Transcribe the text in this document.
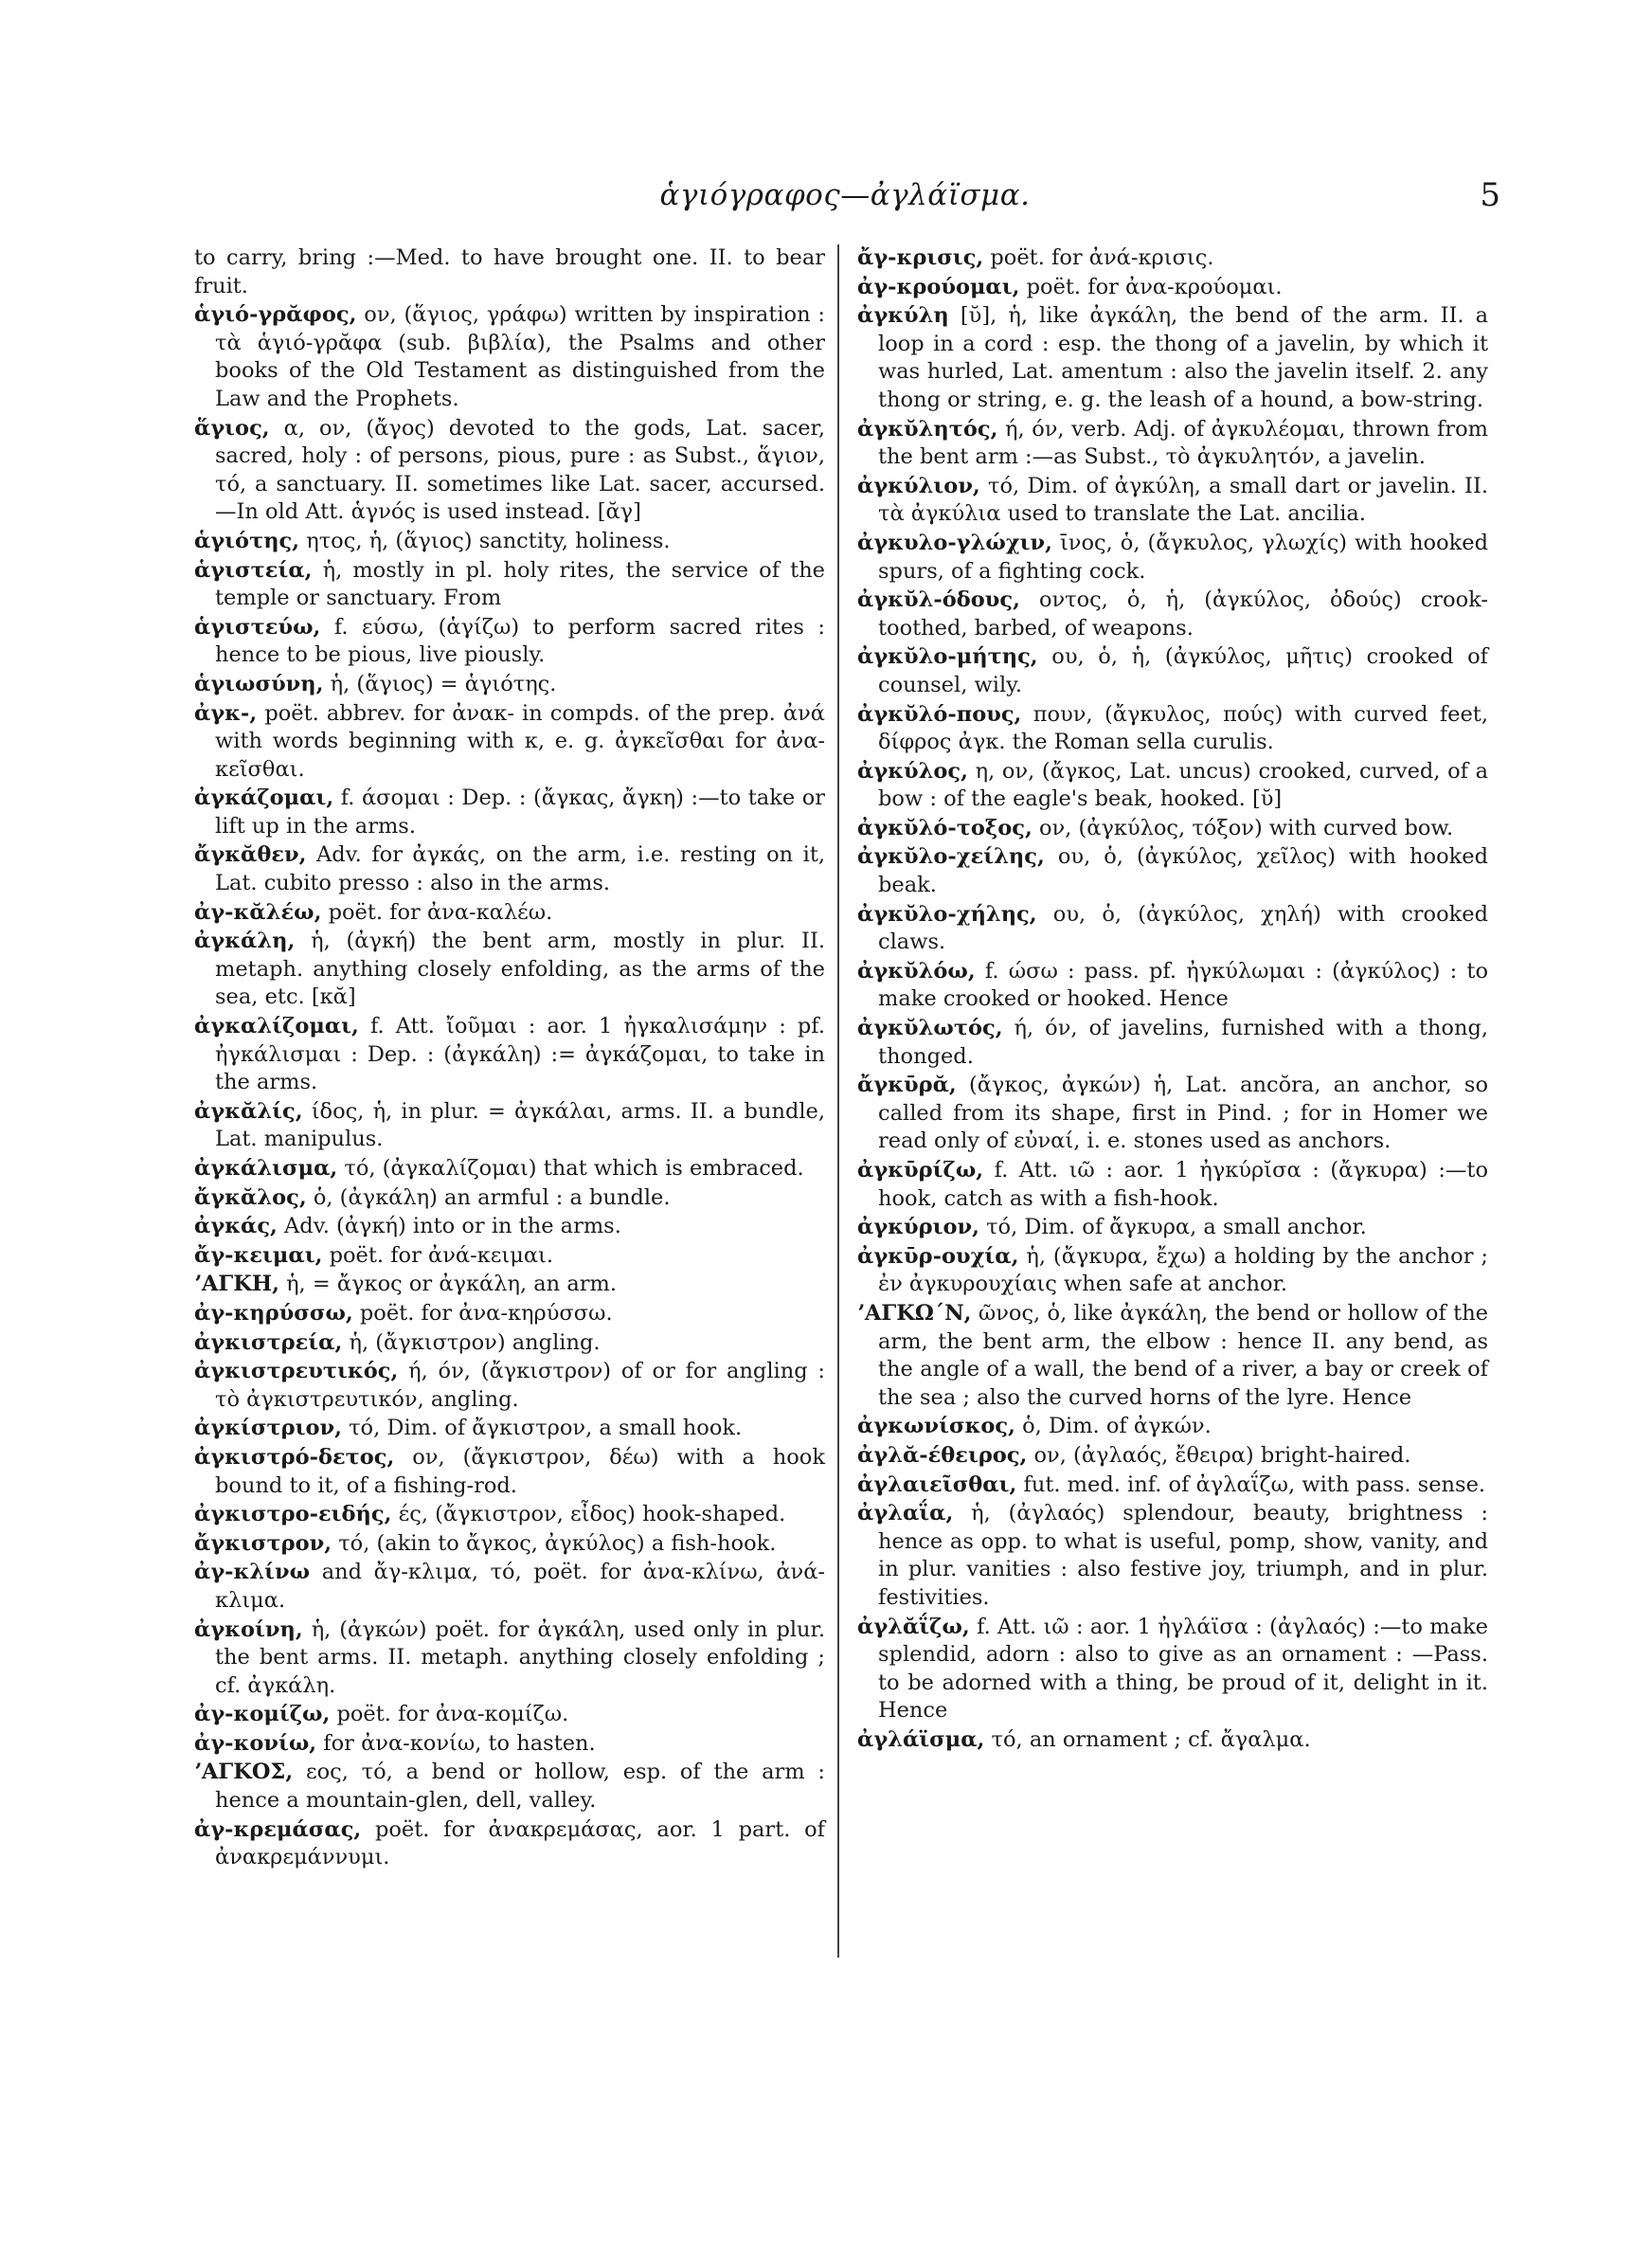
ἁγιόγραφος—ἀγλάϊσμα.	5
to carry, bring :—Med. to have brought one. II. to bear fruit.
ἁγιό-γρᾰφος, ον, (ἅγιος, γράφω) written by inspiration : τὰ ἁγιό-γρᾰφα (sub. βιβλία), the Psalms and other books of the Old Testament as distinguished from the Law and the Prophets.
ἅγιος, α, ον, (ἄγος) devoted to the gods, Lat. sacer, sacred, holy : of persons, pious, pure : as Subst., ἅγιον, τό, a sanctuary. II. sometimes like Lat. sacer, accursed.—In old Att. ἁγνός is used instead. [ᾰγ]
ἁγιότης, ητος, ἡ, (ἅγιος) sanctity, holiness.
ἁγιστεία, ἡ, mostly in pl. holy rites, the service of the temple or sanctuary. From
ἁγιστεύω, f. εύσω, (ἁγίζω) to perform sacred rites : hence to be pious, live piously.
ἁγιωσύνη, ἡ, (ἅγιος) = ἁγιότης.
ἀγκ-, poët. abbrev. for ἀνακ- in compds. of the prep. ἀνά with words beginning with κ, e. g. ἀγκεῖσθαι for ἀνα-κεῖσθαι.
ἀγκάζομαι, f. άσομαι : Dep. : (ἄγκας, ἄγκη) :—to take or lift up in the arms.
ἄγκᾰθεν, Adv. for ἀγκάς, on the arm, i.e. resting on it, Lat. cubito presso : also in the arms.
ἀγ-κᾰλέω, poët. for ἀνα-καλέω.
ἀγκάλη, ἡ, (ἀγκή) the bent arm, mostly in plur. II. metaph. anything closely enfolding, as the arms of the sea, etc. [κᾰ]
ἀγκαλίζομαι, f. Att. ἴοῦμαι : aor. 1 ἠγκαλισάμην : pf. ἠγκάλισμαι : Dep. : (ἀγκάλη) := ἀγκάζομαι, to take in the arms.
ἀγκᾰλίς, ίδος, ἡ, in plur. = ἀγκάλαι, arms. II. a bundle, Lat. manipulus.
ἀγκάλισμα, τό, (ἀγκαλίζομαι) that which is embraced.
ἄγκᾰλος, ὁ, (ἀγκάλη) an armful : a bundle.
ἀγκάς, Adv. (ἀγκή) into or in the arms.
ἄγ-κειμαι, poët. for ἀνά-κειμαι.
ʼΑΓΚΗ, ἡ, = ἄγκος or ἀγκάλη, an arm.
ἀγ-κηρύσσω, poët. for ἀνα-κηρύσσω.
ἀγκιστρεία, ἡ, (ἄγκιστρον) angling.
ἀγκιστρευτικός, ή, όν, (ἄγκιστρον) of or for angling : τὸ ἀγκιστρευτικόν, angling.
ἀγκίστριον, τό, Dim. of ἄγκιστρον, a small hook.
ἀγκιστρό-δετος, ον, (ἄγκιστρον, δέω) with a hook bound to it, of a fishing-rod.
ἀγκιστρο-ειδής, ές, (ἄγκιστρον, εἶδος) hook-shaped.
ἄγκιστρον, τό, (akin to ἄγκος, ἀγκύλος) a fish-hook.
ἀγ-κλίνω and ἄγ-κλιμα, τό, poët. for ἀνα-κλίνω, ἀνά-κλιμα.
ἀγκοίνη, ἡ, (ἀγκών) poët. for ἀγκάλη, used only in plur. the bent arms. II. metaph. anything closely enfolding ; cf. ἀγκάλη.
ἀγ-κομίζω, poët. for ἀνα-κομίζω.
ἀγ-κονίω, for ἀνα-κονίω, to hasten.
ʼΑΓΚΟΣ, εος, τό, a bend or hollow, esp. of the arm : hence a mountain-glen, dell, valley.
ἀγ-κρεμάσας, poët. for ἀνακρεμάσας, aor. 1 part. of ἀνακρεμάννυμι.
ἄγ-κρισις, poët. for ἀνά-κρισις.
ἀγ-κρούομαι, poët. for ἀνα-κρούομαι.
ἀγκύλη [ῠ], ἡ, like ἀγκάλη, the bend of the arm. II. a loop in a cord : esp. the thong of a javelin, by which it was hurled, Lat. amentum : also the javelin itself. 2. any thong or string, e. g. the leash of a hound, a bow-string.
ἀγκῠλητός, ή, όν, verb. Adj. of ἀγκυλέομαι, thrown from the bent arm :—as Subst., τὸ ἀγκυλητόν, a javelin.
ἀγκύλιον, τό, Dim. of ἀγκύλη, a small dart or javelin. II. τὰ ἀγκύλια used to translate the Lat. ancilia.
ἀγκυλο-γλώχιν, ῑνος, ὁ, (ἄγκυλος, γλωχίς) with hooked spurs, of a fighting cock.
ἀγκῠλ-όδους, οντος, ὁ, ἡ, (ἀγκύλος, ὀδούς) crook-toothed, barbed, of weapons.
ἀγκῠλο-μήτης, ου, ὁ, ἡ, (ἀγκύλος, μῆτις) crooked of counsel, wily.
ἀγκῠλό-πους, πουν, (ἄγκυλος, πούς) with curved feet, δίφρος ἀγκ. the Roman sella curulis.
ἀγκύλος, η, ον, (ἄγκος, Lat. uncus) crooked, curved, of a bow : of the eagle's beak, hooked. [ῠ]
ἀγκῠλό-τοξος, ον, (ἀγκύλος, τόξον) with curved bow.
ἀγκῠλο-χείλης, ου, ὁ, (ἀγκύλος, χεῖλος) with hooked beak.
ἀγκῠλο-χήλης, ου, ὁ, (ἀγκύλος, χηλή) with crooked claws.
ἀγκῠλόω, f. ώσω : pass. pf. ἠγκύλωμαι : (ἀγκύλος) : to make crooked or hooked. Hence
ἀγκῠλωτός, ή, όν, of javelins, furnished with a thong, thonged.
ἄγκῡρᾰ, (ἄγκος, ἀγκών) ἡ, Lat. ancŏra, an anchor, so called from its shape, first in Pind. ; for in Homer we read only of εὐναί, i. e. stones used as anchors.
ἀγκῡρίζω, f. Att. ιῶ : aor. 1 ἠγκύρῐσα : (ἄγκυρα) :—to hook, catch as with a fish-hook.
ἀγκύριον, τό, Dim. of ἄγκυρα, a small anchor.
ἀγκῡρ-ουχία, ἡ, (ἄγκυρα, ἔχω) a holding by the anchor ; ἐν ἀγκυρουχίαις when safe at anchor.
ʼΑΓΚΩ΄Ν, ῶνος, ὁ, like ἀγκάλη, the bend or hollow of the arm, the bent arm, the elbow : hence II. any bend, as the angle of a wall, the bend of a river, a bay or creek of the sea ; also the curved horns of the lyre. Hence
ἀγκωνίσκος, ὁ, Dim. of ἀγκών.
ἀγλᾰ-έθειρος, ον, (ἀγλαός, ἔθειρα) bright-haired.
ἀγλαιεῖσθαι, fut. med. inf. of ἀγλαΐζω, with pass. sense.
ἀγλαΐα, ἡ, (ἀγλαός) splendour, beauty, brightness : hence as opp. to what is useful, pomp, show, vanity, and in plur. vanities : also festive joy, triumph, and in plur. festivities.
ἀγλᾰΐζω, f. Att. ιῶ : aor. 1 ἠγλάϊσα : (ἀγλαός) :—to make splendid, adorn : also to give as an ornament : —Pass. to be adorned with a thing, be proud of it, delight in it. Hence
ἀγλάϊσμα, τό, an ornament ; cf. ἄγαλμα.
